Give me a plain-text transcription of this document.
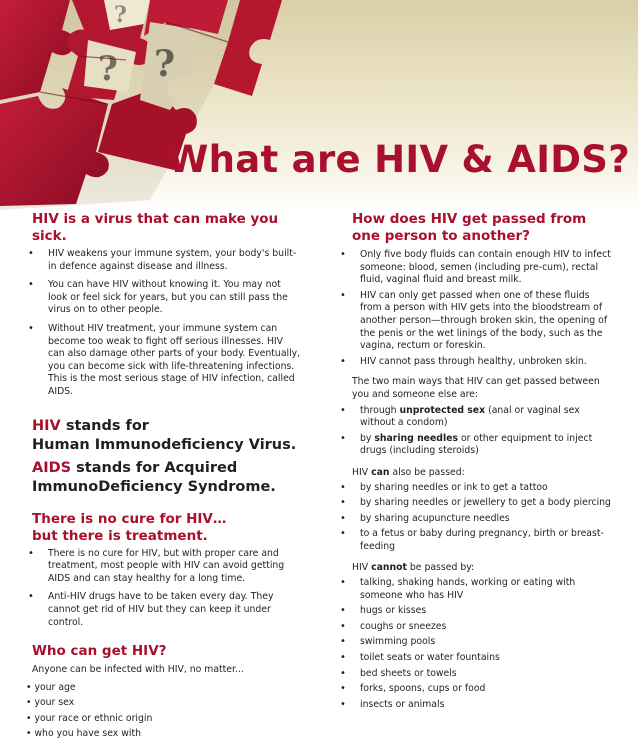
? ?
?
What are HIV & AIDS?
HIV is a virus that can make you sick.
• HIV weakens your immune system, your body's built-in defence against disease and illness.
• You can have HIV without knowing it. You may not look or feel sick for years, but you can still pass the virus on to other people.
• Without HIV treatment, your immune system can become too weak to fight off serious illnesses. HIV can also damage other parts of your body. Eventually, you can become sick with life-threatening infections. This is the most serious stage of HIV infection, called AIDS.
HIV stands for
Human Immunodeficiency Virus.
AIDS stands for Acquired
ImmunoDeficiency Syndrome.
There is no cure for HIV…
but there is treatment.
• There is no cure for HIV, but with proper care and treatment, most people with HIV can avoid getting AIDS and can stay healthy for a long time.
• Anti-HIV drugs have to be taken every day. They cannot get rid of HIV but they can keep it under control.
Who can get HIV?

Anyone can be infected with HIV, no matter...

• your age
• your sex
• your race or ethnic origin
• who you have sex with
How does HIV get passed from
one person to another?
• Only five body fluids can contain enough HIV to infect someone: blood, semen (including pre-cum), rectal fluid, vaginal fluid and breast milk.
• HIV can only get passed when one of these fluids from a person with HIV gets into the bloodstream of another person—through broken skin, the opening of the penis or the wet linings of the body, such as the vagina, rectum or foreskin.
• HIV cannot pass through healthy, unbroken skin.

The two main ways that HIV can get passed between you and someone else are:

• through unprotected sex (anal or vaginal sex without a condom)
• by sharing needles or other equipment to inject drugs (including steroids)

HIV can also be passed:

• by sharing needles or ink to get a tattoo
• by sharing needles or jewellery to get a body piercing
• by sharing acupuncture needles
• to a fetus or baby during pregnancy, birth or breast-feeding

HIV cannot be passed by:

• talking, shaking hands, working or eating with someone who has HIV
• hugs or kisses
• coughs or sneezes
• swimming pools
• toilet seats or water fountains
• bed sheets or towels
• forks, spoons, cups or food
• insects or animals
